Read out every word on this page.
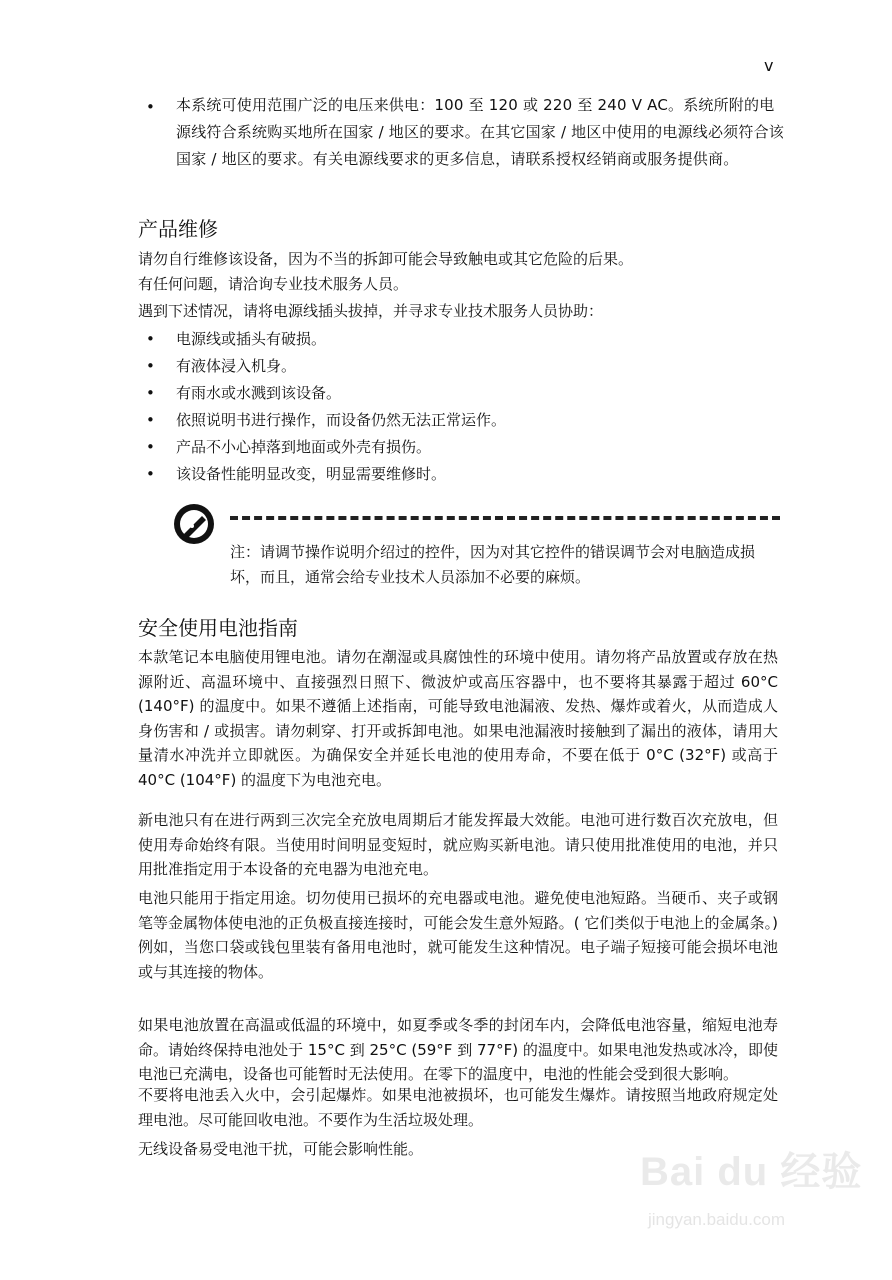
v
• 本系统可使用范围广泛的电压来供电：100 至 120 或 220 至 240 V AC。系统所附的电源线符合系统购买地所在国家 / 地区的要求。在其它国家 / 地区中使用的电源线必须符合该国家 / 地区的要求。有关电源线要求的更多信息，请联系授权经销商或服务提供商。
产品维修
请勿自行维修该设备，因为不当的拆卸可能会导致触电或其它危险的后果。
有任何问题，请洽询专业技术服务人员。
遇到下述情况，请将电源线插头拔掉，并寻求专业技术服务人员协助：
• 电源线或插头有破损。
• 有液体浸入机身。
• 有雨水或水溅到该设备。
• 依照说明书进行操作，而设备仍然无法正常运作。
• 产品不小心掉落到地面或外壳有损伤。
• 该设备性能明显改变，明显需要维修时。
注：请调节操作说明介绍过的控件，因为对其它控件的错误调节会对电脑造成损坏，而且，通常会给专业技术人员添加不必要的麻烦。
安全使用电池指南
本款笔记本电脑使用锂电池。请勿在潮湿或具腐蚀性的环境中使用。请勿将产品放置或存放在热源附近、高温环境中、直接强烈日照下、微波炉或高压容器中，也不要将其暴露于超过 60°C (140°F) 的温度中。如果不遵循上述指南，可能导致电池漏液、发热、爆炸或着火，从而造成人身伤害和 / 或损害。请勿刺穿、打开或拆卸电池。如果电池漏液时接触到了漏出的液体，请用大量清水冲洗并立即就医。为确保安全并延长电池的使用寿命，不要在低于 0°C (32°F) 或高于 40°C (104°F) 的温度下为电池充电。
新电池只有在进行两到三次完全充放电周期后才能发挥最大效能。电池可进行数百次充放电，但使用寿命始终有限。当使用时间明显变短时，就应购买新电池。请只使用批准使用的电池，并只用批准指定用于本设备的充电器为电池充电。
电池只能用于指定用途。切勿使用已损坏的充电器或电池。避免使电池短路。当硬币、夹子或钢笔等金属物体使电池的正负极直接连接时，可能会发生意外短路。( 它们类似于电池上的金属条。) 例如，当您口袋或钱包里装有备用电池时，就可能发生这种情况。电子端子短接可能会损坏电池或与其连接的物体。
如果电池放置在高温或低温的环境中，如夏季或冬季的封闭车内，会降低电池容量，缩短电池寿命。请始终保持电池处于 15°C 到 25°C (59°F 到 77°F) 的温度中。如果电池发热或冰冷，即使电池已充满电，设备也可能暂时无法使用。在零下的温度中，电池的性能会受到很大影响。
不要将电池丢入火中，会引起爆炸。如果电池被损坏，也可能发生爆炸。请按照当地政府规定处理电池。尽可能回收电池。不要作为生活垃圾处理。
无线设备易受电池干扰，可能会影响性能。
Bai du 经验
jingyan.baidu.com
